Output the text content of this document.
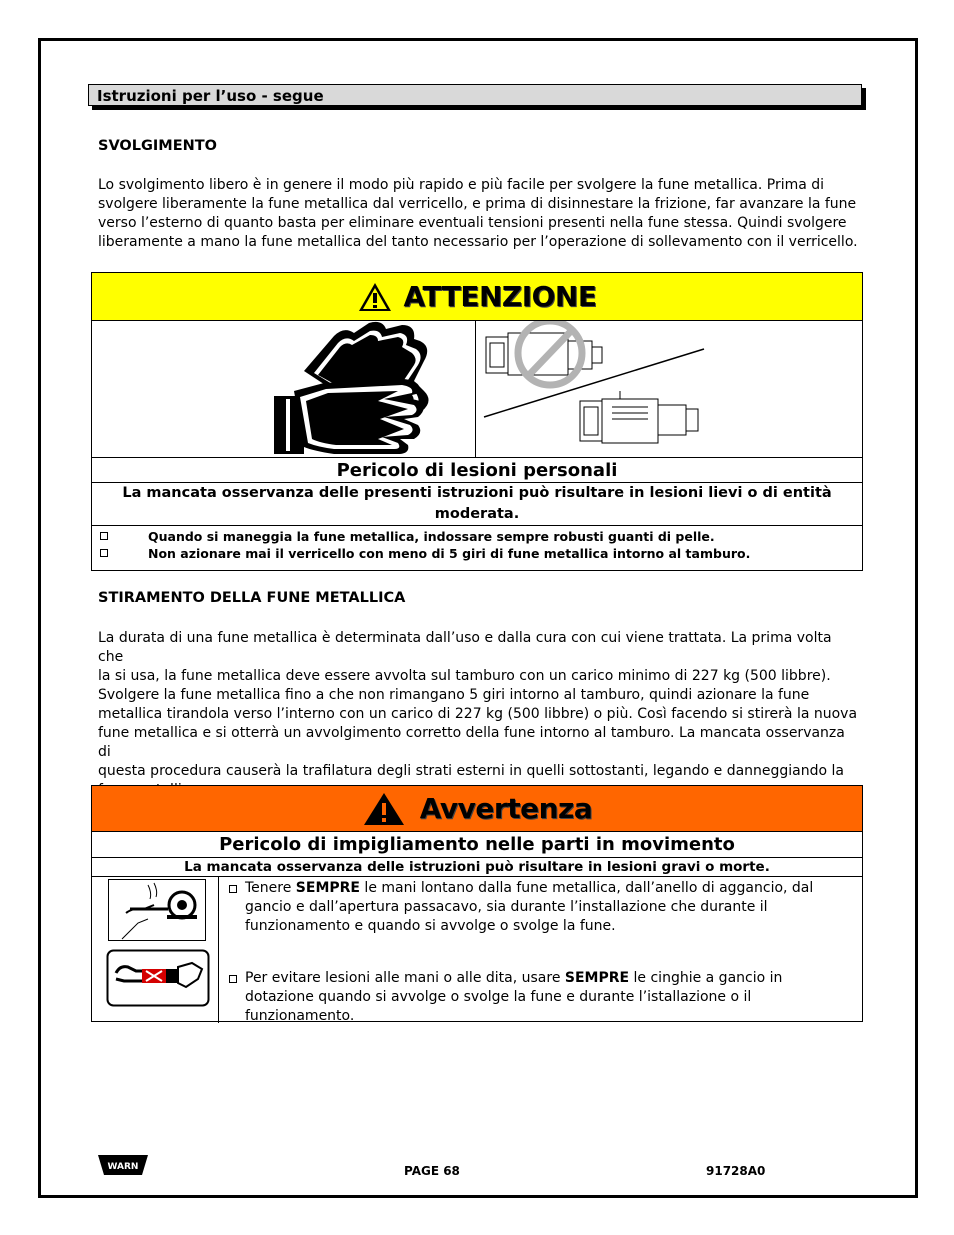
Istruzioni per l’uso - segue
SVOLGIMENTO
Lo svolgimento libero è in genere il modo più rapido e più facile per svolgere la fune metallica. Prima di
svolgere liberamente la fune metallica dal verricello, e prima di disinnestare la frizione, far avanzare la fune
verso l’esterno di quanto basta per eliminare eventuali tensioni presenti nella fune stessa. Quindi svolgere
liberamente a mano la fune metallica del tanto necessario per l’operazione di sollevamento con il verricello.
ATTENZIONE
Pericolo di lesioni personali
La mancata osservanza delle presenti istruzioni può risultare in lesioni lievi o di entità moderata.
Quando si maneggia la fune metallica, indossare sempre robusti guanti di pelle.
Non azionare mai il verricello con meno di 5 giri di fune metallica intorno al tamburo.
STIRAMENTO DELLA FUNE METALLICA
La durata di una fune metallica è determinata dall’uso e dalla cura con cui viene trattata. La prima volta che
la si usa, la fune metallica deve essere avvolta sul tamburo con un carico minimo di 227 kg (500 libbre).
Svolgere la fune metallica fino a che non rimangano 5 giri intorno al tamburo, quindi azionare la fune
metallica tirandola verso l’interno con un carico di 227 kg (500 libbre) o più. Così facendo si stirerà la nuova
fune metallica e si otterrà un avvolgimento corretto della fune intorno al tamburo. La mancata osservanza di
questa procedura causerà la trafilatura degli strati esterni in quelli sottostanti, legando e danneggiando la
Avvertenza
Pericolo di impigliamento nelle parti in movimento
La mancata osservanza delle istruzioni può risultare in lesioni gravi o morte.
Tenere SEMPRE le mani lontano dalla fune metallica, dall’anello di aggancio, dal
gancio e dall’apertura passacavo, sia durante l’installazione che durante il
funzionamento e quando si avvolge o svolge la fune.
Per evitare lesioni alle mani o alle dita, usare SEMPRE le cinghie a gancio in
dotazione quando si avvolge o svolge la fune e durante l’istallazione o il
funzionamento.
WARN	PAGE 68	91728A0
